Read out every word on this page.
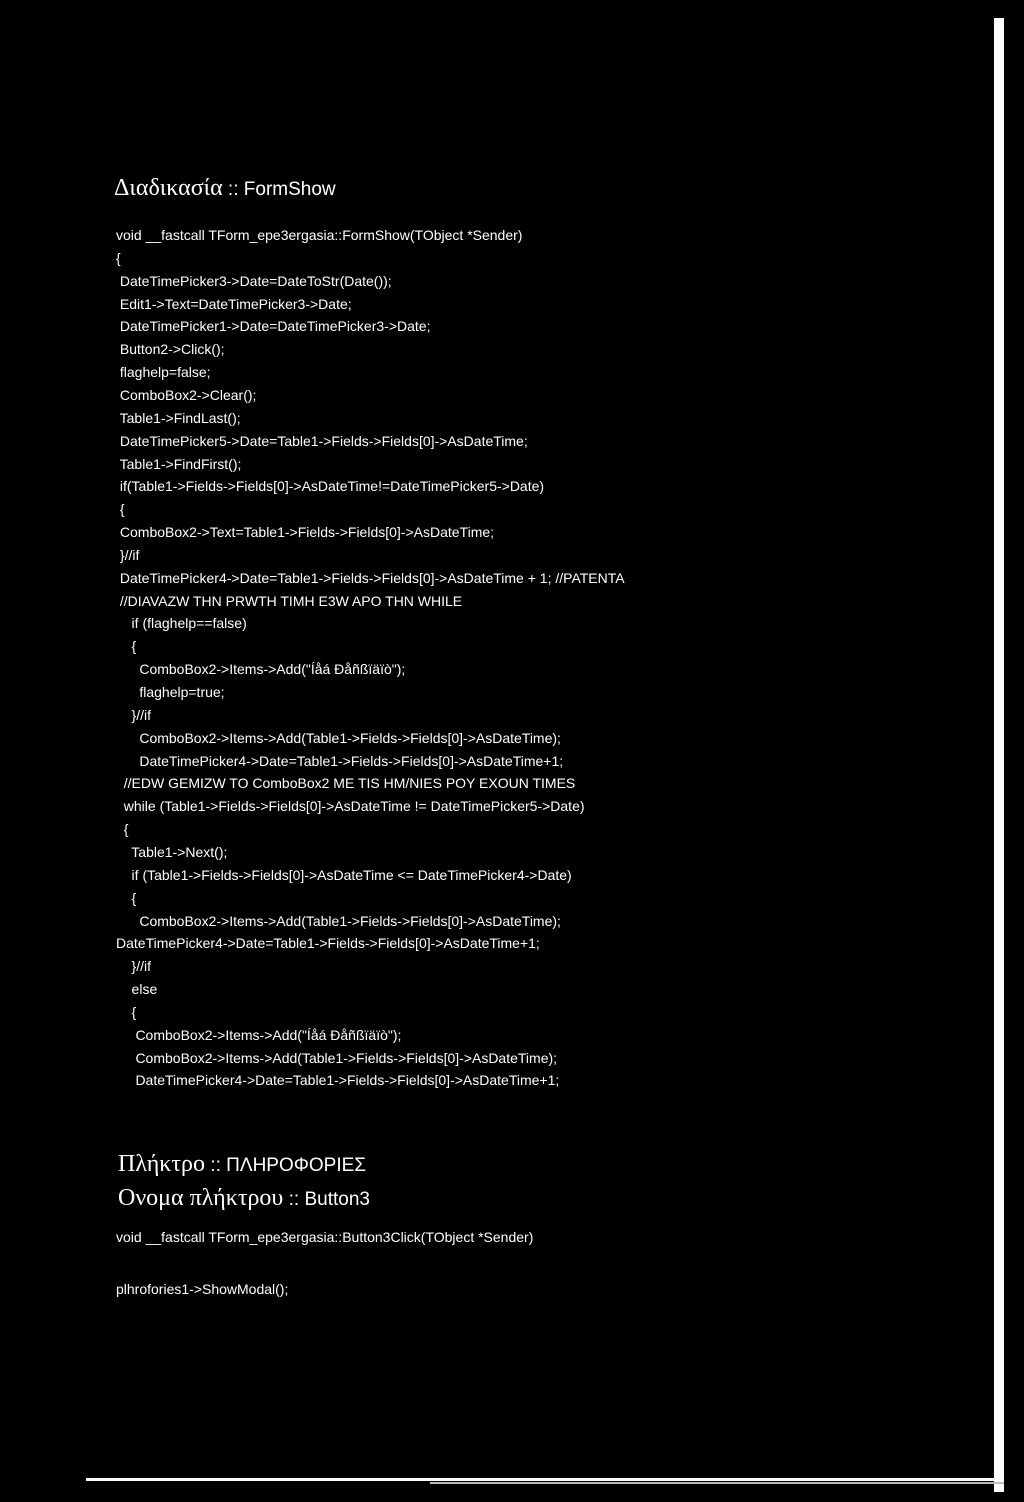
Διαδικασία :: FormShow
void __fastcall TForm_epe3ergasia::FormShow(TObject *Sender)
{
DateTimePicker3->Date=DateToStr(Date());
Edit1->Text=DateTimePicker3->Date;
DateTimePicker1->Date=DateTimePicker3->Date;
Button2->Click();
flaghelp=false;
ComboBox2->Clear();
Table1->FindLast();
DateTimePicker5->Date=Table1->Fields->Fields[0]->AsDateTime;
Table1->FindFirst();
if(Table1->Fields->Fields[0]->AsDateTime!=DateTimePicker5->Date)
{
ComboBox2->Text=Table1->Fields->Fields[0]->AsDateTime;
}//if
DateTimePicker4->Date=Table1->Fields->Fields[0]->AsDateTime + 1; //PATENTA
//DIAVAZW THN PRWTH TIMH E3W APO THN WHILE
if (flaghelp==false)
{
ComboBox2->Items->Add("Íåá Ðåñßïäïò");
flaghelp=true;
}//if
ComboBox2->Items->Add(Table1->Fields->Fields[0]->AsDateTime);
DateTimePicker4->Date=Table1->Fields->Fields[0]->AsDateTime+1;
//EDW GEMIZW TO ComboBox2 ME TIS HM/NIES POY EXOUN TIMES
while (Table1->Fields->Fields[0]->AsDateTime != DateTimePicker5->Date)
{
Table1->Next();
if (Table1->Fields->Fields[0]->AsDateTime <= DateTimePicker4->Date)
{
ComboBox2->Items->Add(Table1->Fields->Fields[0]->AsDateTime);
DateTimePicker4->Date=Table1->Fields->Fields[0]->AsDateTime+1;
}//if
else
{
ComboBox2->Items->Add("Íåá Ðåñßïäïò");
ComboBox2->Items->Add(Table1->Fields->Fields[0]->AsDateTime);
DateTimePicker4->Date=Table1->Fields->Fields[0]->AsDateTime+1;
Πλήκτρο :: ΠΛΗΡΟΦΟΡΙΕΣ
Ονομα πλήκτρου :: Button3
void __fastcall TForm_epe3ergasia::Button3Click(TObject *Sender)
plhrofories1->ShowModal();
